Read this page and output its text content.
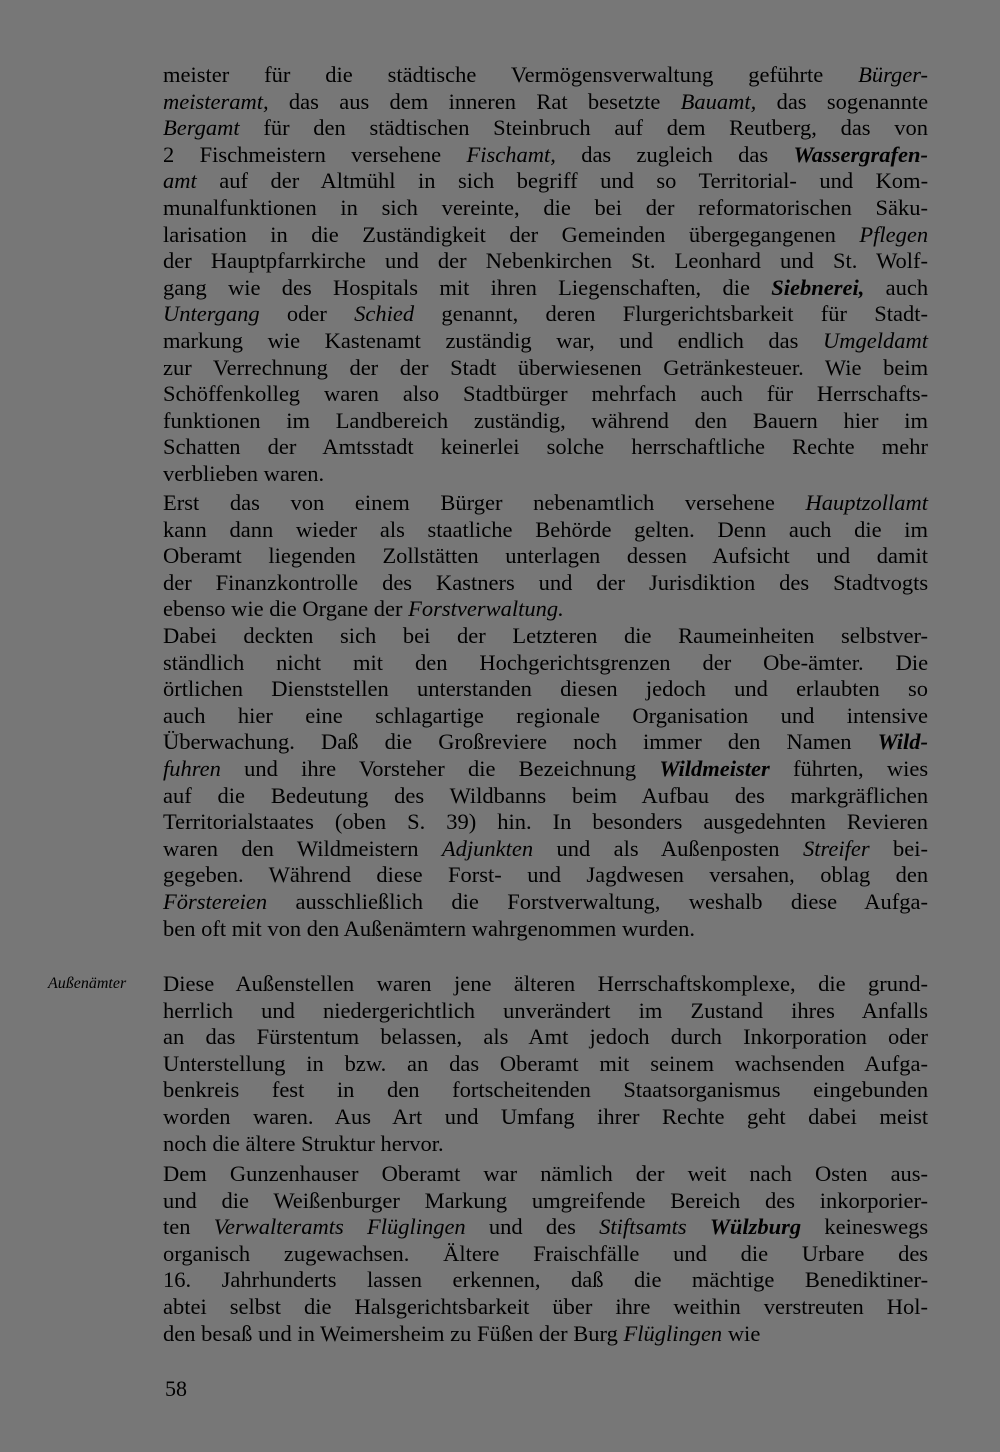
meister für die städtische Vermögensverwaltung geführte Bürger-
meisteramt, das aus dem inneren Rat besetzte Bauamt, das sogenannte
Bergamt für den städtischen Steinbruch auf dem Reutberg, das von
2 Fischmeistern versehene Fischamt, das zugleich das Wassergrafen-
amt auf der Altmühl in sich begriff und so Territorial- und Kom-
munalfunktionen in sich vereinte, die bei der reformatorischen Säku-
larisation in die Zuständigkeit der Gemeinden übergegangenen Pflegen
der Hauptpfarrkirche und der Nebenkirchen St. Leonhard und St. Wolf-
gang wie des Hospitals mit ihren Liegenschaften, die Siebnerei, auch
Untergang oder Schied genannt, deren Flurgerichtsbarkeit für Stadt-
markung wie Kastenamt zuständig war, und endlich das Umgeldamt
zur Verrechnung der der Stadt überwiesenen Getränkesteuer. Wie beim
Schöffenkolleg waren also Stadtbürger mehrfach auch für Herrschafts-
funktionen im Landbereich zuständig, während den Bauern hier im
Schatten der Amtsstadt keinerlei solche herrschaftliche Rechte mehr
verblieben waren.
Erst das von einem Bürger nebenamtlich versehene Hauptzollamt
kann dann wieder als staatliche Behörde gelten. Denn auch die im
Oberamt liegenden Zollstätten unterlagen dessen Aufsicht und damit
der Finanzkontrolle des Kastners und der Jurisdiktion des Stadtvogts
ebenso wie die Organe der Forstverwaltung.
Dabei deckten sich bei der Letzteren die Raumeinheiten selbstver-
ständlich nicht mit den Hochgerichtsgrenzen der Obe-ämter. Die
örtlichen Dienststellen unterstanden diesen jedoch und erlaubten so
auch hier eine schlagartige regionale Organisation und intensive
Überwachung. Daß die Großreviere noch immer den Namen Wild-
fuhren und ihre Vorsteher die Bezeichnung Wildmeister führten, wies
auf die Bedeutung des Wildbanns beim Aufbau des markgräflichen
Territorialstaates (oben S. 39) hin. In besonders ausgedehnten Revieren
waren den Wildmeistern Adjunkten und als Außenposten Streifer bei-
gegeben. Während diese Forst- und Jagdwesen versahen, oblag den
Förstereien ausschließlich die Forstverwaltung, weshalb diese Aufga-
ben oft mit von den Außenämtern wahrgenommen wurden.
Diese Außenstellen waren jene älteren Herrschaftskomplexe, die grund-
herrlich und niedergerichtlich unverändert im Zustand ihres Anfalls
an das Fürstentum belassen, als Amt jedoch durch Inkorporation oder
Unterstellung in bzw. an das Oberamt mit seinem wachsenden Aufga-
benkreis fest in den fortscheitenden Staatsorganismus eingebunden
worden waren. Aus Art und Umfang ihrer Rechte geht dabei meist
noch die ältere Struktur hervor.
Dem Gunzenhauser Oberamt war nämlich der weit nach Osten aus-
und die Weißenburger Markung umgreifende Bereich des inkorporier-
ten Verwalteramts Flüglingen und des Stiftsamts Wülzburg keineswegs
organisch zugewachsen. Ältere Fraischfälle und die Urbare des
16. Jahrhunderts lassen erkennen, daß die mächtige Benediktiner-
abtei selbst die Halsgerichtsbarkeit über ihre weithin verstreuten Hol-
den besaß und in Weimersheim zu Füßen der Burg Flüglingen wie
Außenämter
58
